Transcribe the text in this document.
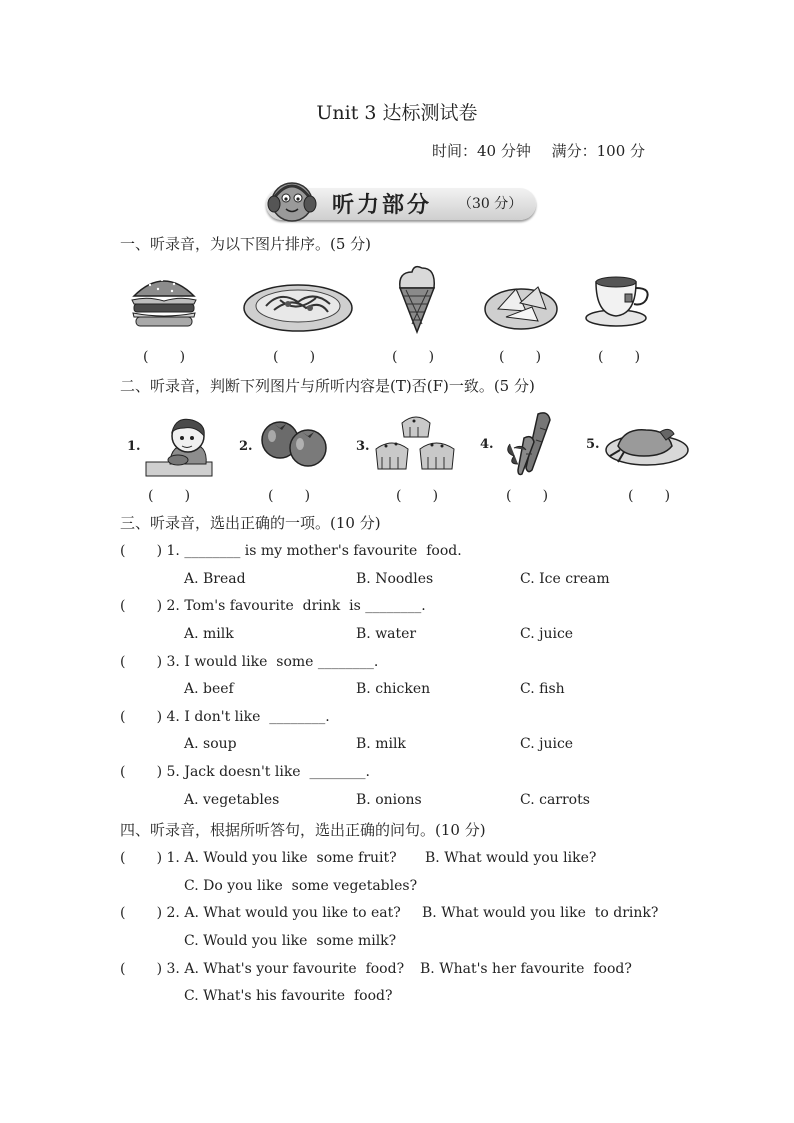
Unit 3 达标测试卷
时间：40 分钟 满分：100 分
听力部分 （30 分）
一、听录音，为以下图片排序。(5 分)
(       )	(       )	(       )	(       )	(       )
二、听录音，判断下列图片与所听内容是(T)否(F)一致。(5 分)
1.	2.	3.	4.	5.
(       )	(       )	(       )	(       )	(       )
三、听录音，选出正确的一项。(10 分)
(       ) 1. ________ is my mother's favourite  food.
A. Bread	B. Noodles	C. Ice cream
(       ) 2. Tom's favourite  drink  is ________.
A. milk	B. water	C. juice
(       ) 3. I would like  some ________.
A. beef	B. chicken	C. fish
(       ) 4. I don't like  ________.
A. soup	B. milk	C. juice
(       ) 5. Jack doesn't like  ________.
A. vegetables	B. onions	C. carrots
四、听录音，根据所听答句，选出正确的问句。(10 分)
(       ) 1. A. Would you like  some fruit? B. What would you like?
C. Do you like  some vegetables?
(       ) 2. A. What would you like to eat? B. What would you like  to drink?
C. Would you like  some milk?
(       ) 3. A. What's your favourite  food? B. What's her favourite  food?
C. What's his favourite  food?
